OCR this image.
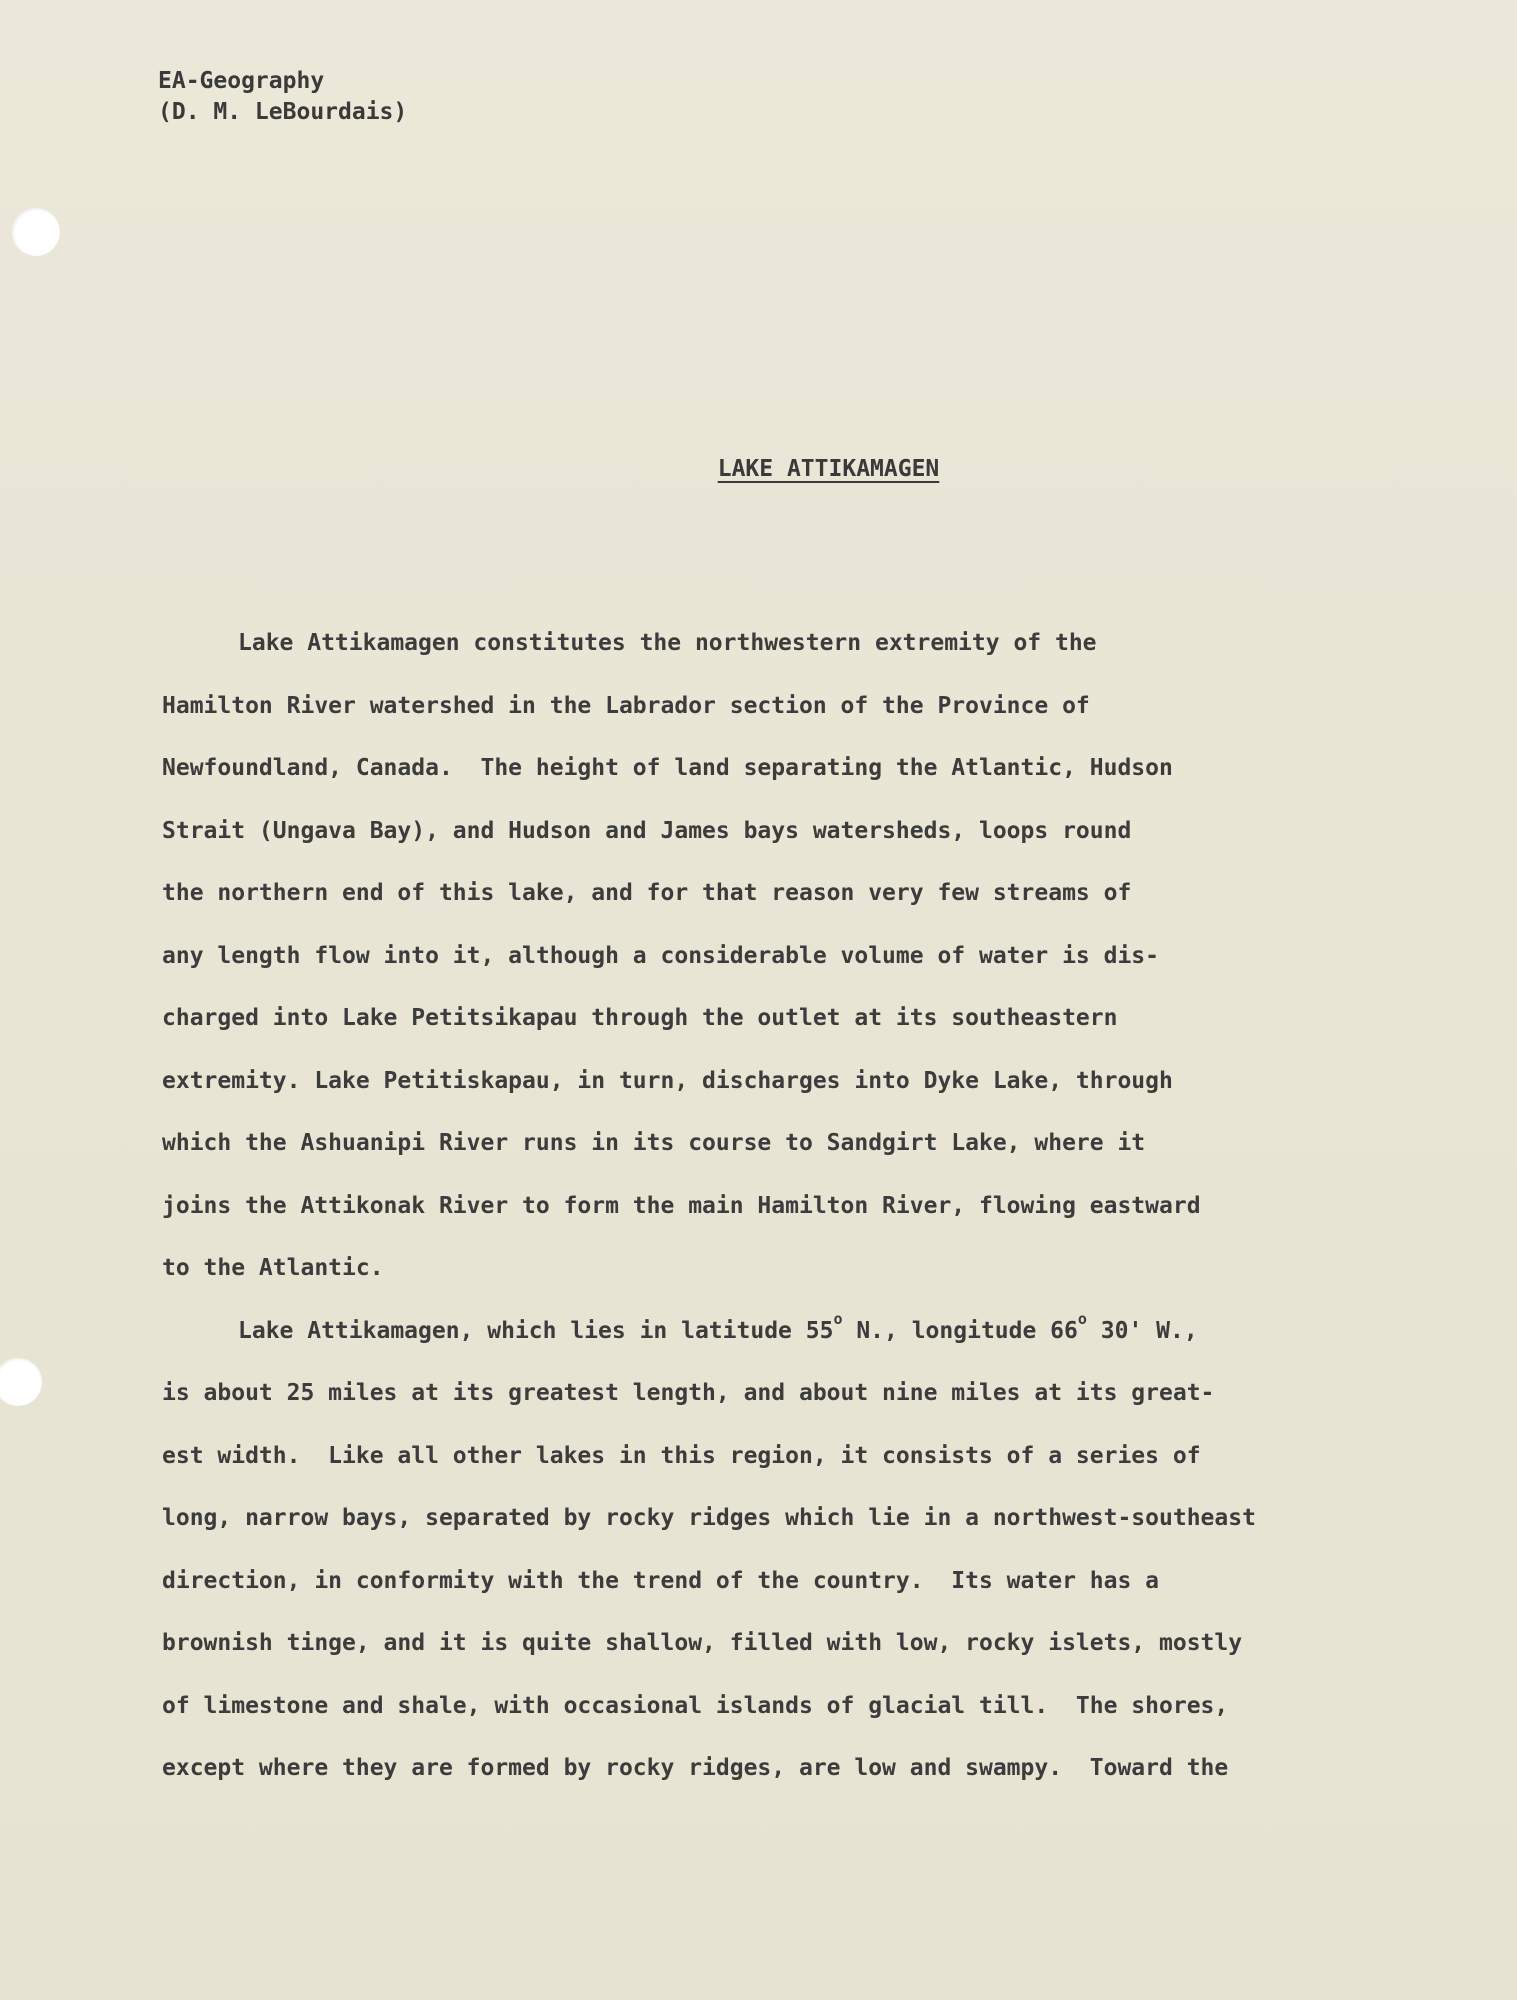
EA-Geography
(D. M. LeBourdais)
LAKE ATTIKAMAGEN
Lake Attikamagen constitutes the northwestern extremity of the
Hamilton River watershed in the Labrador section of the Province of
Newfoundland, Canada.  The height of land separating the Atlantic, Hudson
Strait (Ungava Bay), and Hudson and James bays watersheds, loops round
the northern end of this lake, and for that reason very few streams of
any length flow into it, although a considerable volume of water is dis-
charged into Lake Petitsikapau through the outlet at its southeastern
extremity. Lake Petitiskapau, in turn, discharges into Dyke Lake, through
which the Ashuanipi River runs in its course to Sandgirt Lake, where it
joins the Attikonak River to form the main Hamilton River, flowing eastward
to the Atlantic.
Lake Attikamagen, which lies in latitude 55$^o$ N., longitude 66$^o$ 30' W.,
is about 25 miles at its greatest length, and about nine miles at its great-
est width.  Like all other lakes in this region, it consists of a series of
long, narrow bays, separated by rocky ridges which lie in a northwest-southeast
direction, in conformity with the trend of the country.  Its water has a
brownish tinge, and it is quite shallow, filled with low, rocky islets, mostly
of limestone and shale, with occasional islands of glacial till.  The shores,
except where they are formed by rocky ridges, are low and swampy.  Toward the
